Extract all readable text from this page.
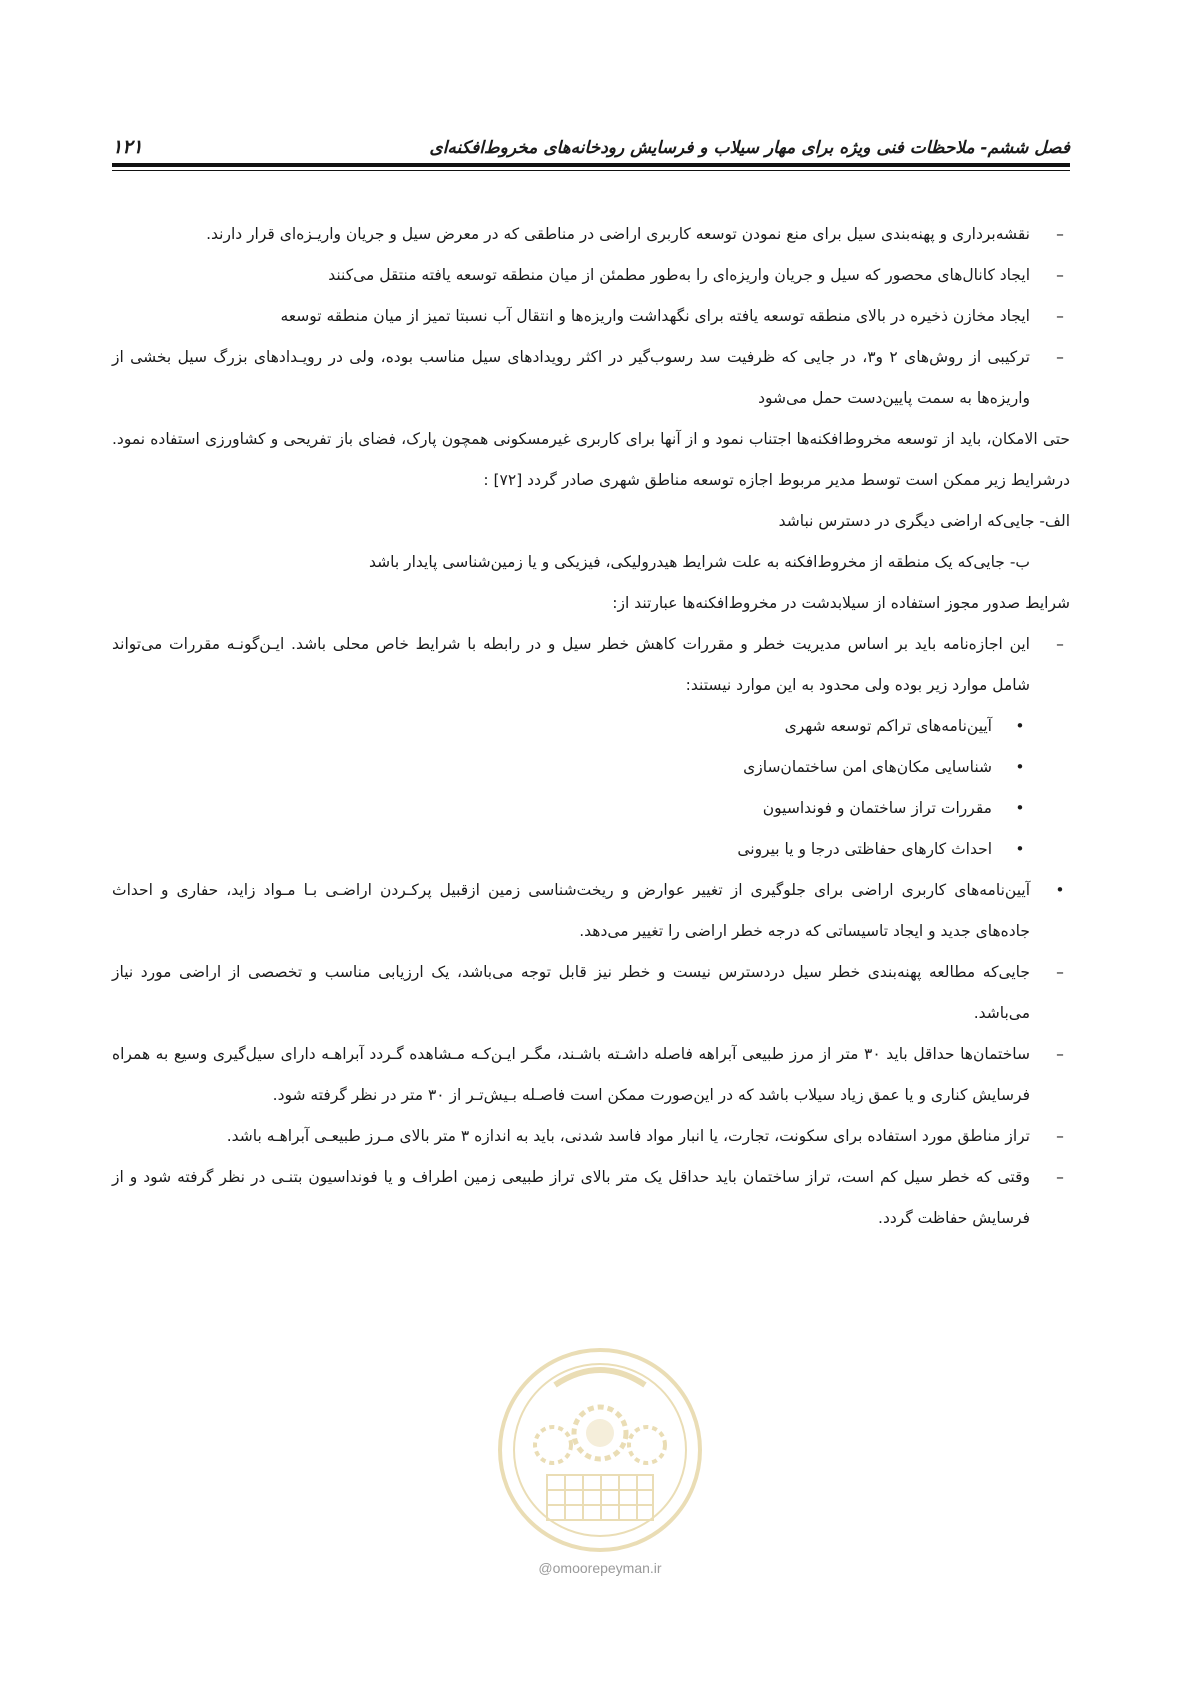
فصل ششم- ملاحظات فنی ویژه برای مهار سیلاب و فرسایش رودخانه‌های مخروط‌افکنه‌ای
۱۲۱

–
نقشه‌برداری و پهنه‌بندی سیل برای منع نمودن توسعه کاربری اراضی در مناطقی که در معرض سیل و جریان واریـزه‌ای قرار دارند.

–
ایجاد کانال‌های محصور که سیل و جریان واریزه‌ای را به‌طور مطمئن از میان منطقه توسعه یافته منتقل می‌کنند

–
ایجاد مخازن ذخیره در بالای منطقه توسعه یافته برای نگهداشت واریزه‌ها و انتقال آب نسبتا تمیز از میان منطقه توسعه

–
ترکیبی از روش‌های ۲ و۳، در جایی که ظرفیت سد رسوب‌گیر در اکثر رویدادهای سیل مناسب بوده، ولی در رویـدادهای بزرگ سیل بخشی از واریزه‌ها به سمت پایین‌دست حمل می‌شود

حتی الامکان، باید از توسعه مخروط‌افکنه‌ها اجتناب نمود و از آنها برای کاربری غیرمسکونی همچون پارک، فضای باز تفریحی و کشاورزی استفاده نمود. درشرایط زیر ممکن است توسط مدیر مربوط اجازه توسعه مناطق شهری صادر گردد [۷۲] :

الف- جایی‌که اراضی دیگری در دسترس نباشد

ب- جایی‌که یک منطقه از مخروط‌افکنه به علت شرایط هیدرولیکی، فیزیکی و یا زمین‌شناسی پایدار باشد

شرایط صدور مجوز استفاده از سیلابدشت در مخروط‌افکنه‌ها عبارتند از:

–
این اجازه‌نامه باید بر اساس مدیریت خطر و مقررات کاهش خطر سیل و در رابطه با شرایط خاص محلی باشد. ایـن‌گونـه مقررات می‌تواند شامل موارد زیر بوده ولی محدود به این موارد نیستند:

•
آیین‌نامه‌های تراکم توسعه شهری

•
شناسایی مکان‌های امن ساختمان‌سازی

•
مقررات تراز ساختمان و فونداسیون

•
احداث کارهای حفاظتی درجا و یا بیرونی

•
آیین‌نامه‌های کاربری اراضی برای جلوگیری از تغییر عوارض و ریخت‌شناسی زمین ازقبیل پرکـردن اراضـی بـا مـواد زاید، حفاری و احداث جاده‌های جدید و ایجاد تاسیساتی که درجه خطر اراضی را تغییر می‌دهد.

–
جایی‌که مطالعه پهنه‌بندی خطر سیل دردسترس نیست و خطر نیز قابل توجه می‌باشد، یک ارزیابی مناسب و تخصصی از اراضی مورد نیاز می‌باشد.

–
ساختمان‌ها حداقل باید ۳۰ متر از مرز طبیعی آبراهه فاصله داشـته باشـند، مگـر ایـن‌کـه مـشاهده گـردد آبراهـه دارای سیل‌گیری وسیع به همراه فرسایش کناری و یا عمق زیاد سیلاب باشد که در این‌صورت ممکن است فاصـله بـیش‌تـر از ۳۰ متر در نظر گرفته شود.

–
تراز مناطق مورد استفاده برای سکونت، تجارت، یا انبار مواد فاسد شدنی، باید به اندازه ۳ متر بالای مـرز طبیعـی آبراهـه باشد.

–
وقتی که خطر سیل کم است، تراز ساختمان باید حداقل یک متر بالای تراز طبیعی زمین اطراف و یا فونداسیون بتنـی در نظر گرفته شود و از فرسایش حفاظت گردد.

@omoorepeyman.ir
